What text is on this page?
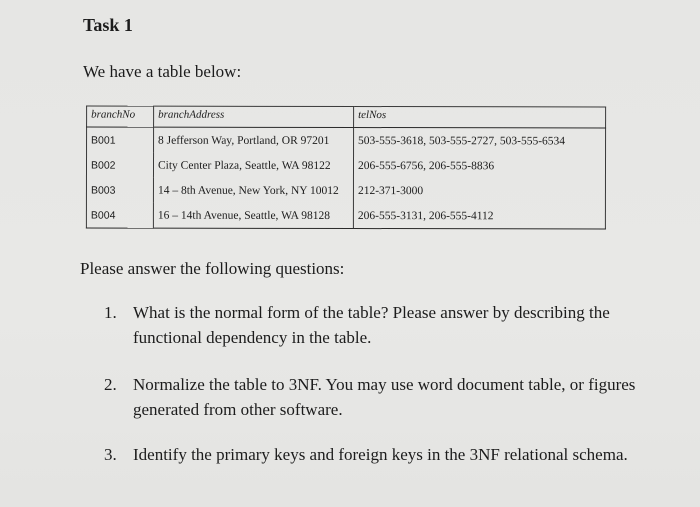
Task 1
We have a table below:
branchNo	branchAddress	telNos
B001	8 Jefferson Way, Portland, OR 97201	503-555-3618, 503-555-2727, 503-555-6534
B002	City Center Plaza, Seattle, WA 98122	206-555-6756, 206-555-8836
B003	14 – 8th Avenue, New York, NY 10012	212-371-3000
B004	16 – 14th Avenue, Seattle, WA 98128	206-555-3131, 206-555-4112
Please answer the following questions:
1. What is the normal form of the table? Please answer by describing the functional dependency in the table.
2. Normalize the table to 3NF. You may use word document table, or figures generated from other software.
3. Identify the primary keys and foreign keys in the 3NF relational schema.
